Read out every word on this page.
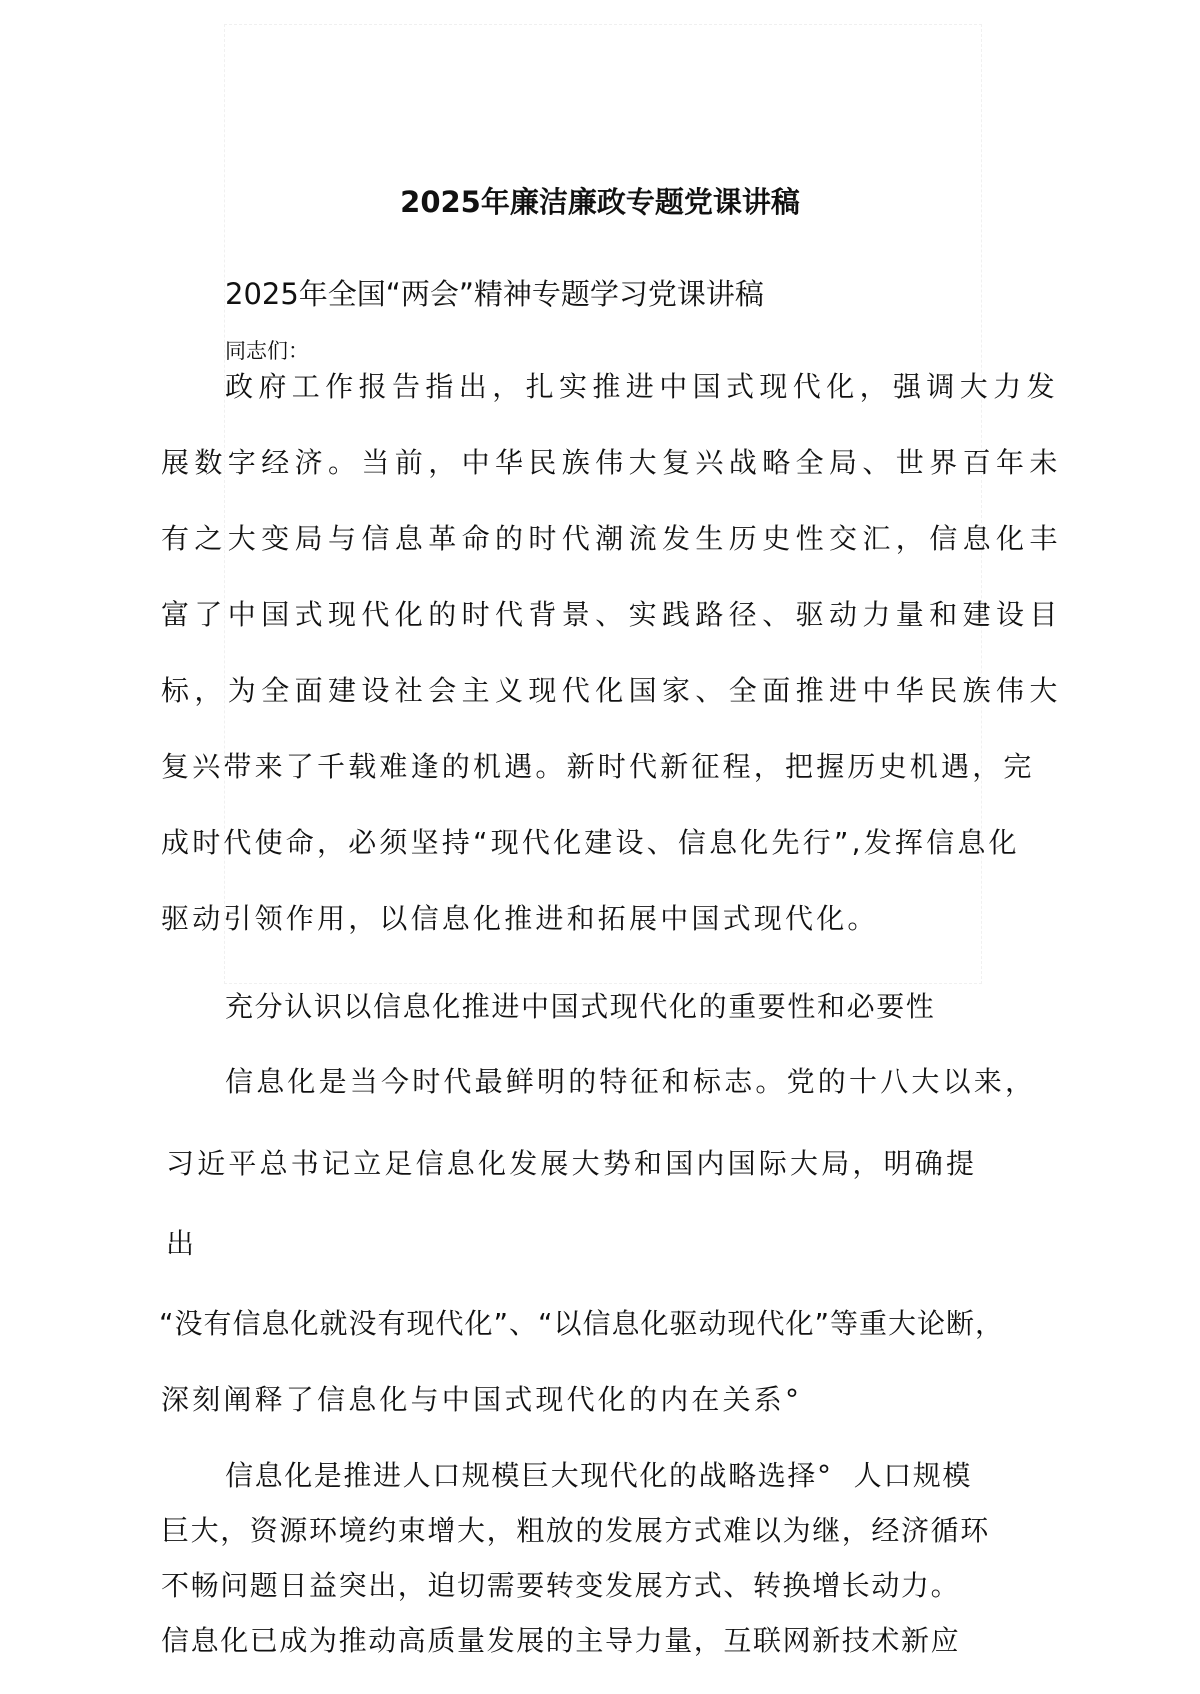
2025年廉洁廉政专题党课讲稿

2025年全国“两会”精神专题学习党课讲稿

同志们：

政府工作报告指出，扎实推进中国式现代化，强调大力发

展数字经济。当前，中华民族伟大复兴战略全局、世界百年未

有之大变局与信息革命的时代潮流发生历史性交汇，信息化丰

富了中国式现代化的时代背景、实践路径、驱动力量和建设目

标，为全面建设社会主义现代化国家、全面推进中华民族伟大

复兴带来了千载难逢的机遇。新时代新征程，把握历史机遇，完

成时代使命，必须坚持“现代化建设、信息化先行”,发挥信息化

驱动引领作用，以信息化推进和拓展中国式现代化。

充分认识以信息化推进中国式现代化的重要性和必要性

信息化是当今时代最鲜明的特征和标志。党的十八大以来，

习近平总书记立足信息化发展大势和国内国际大局，明确提

出

“没有信息化就没有现代化”、“以信息化驱动现代化”等重大论断，

深刻阐释了信息化与中国式现代化的内在关系°

信息化是推进人口规模巨大现代化的战略选择°  人口规模

巨大，资源环境约束增大，粗放的发展方式难以为继，经济循环

不畅问题日益突出，迫切需要转变发展方式、转换增长动力。

信息化已成为推动高质量发展的主导力量，互联网新技术新应
